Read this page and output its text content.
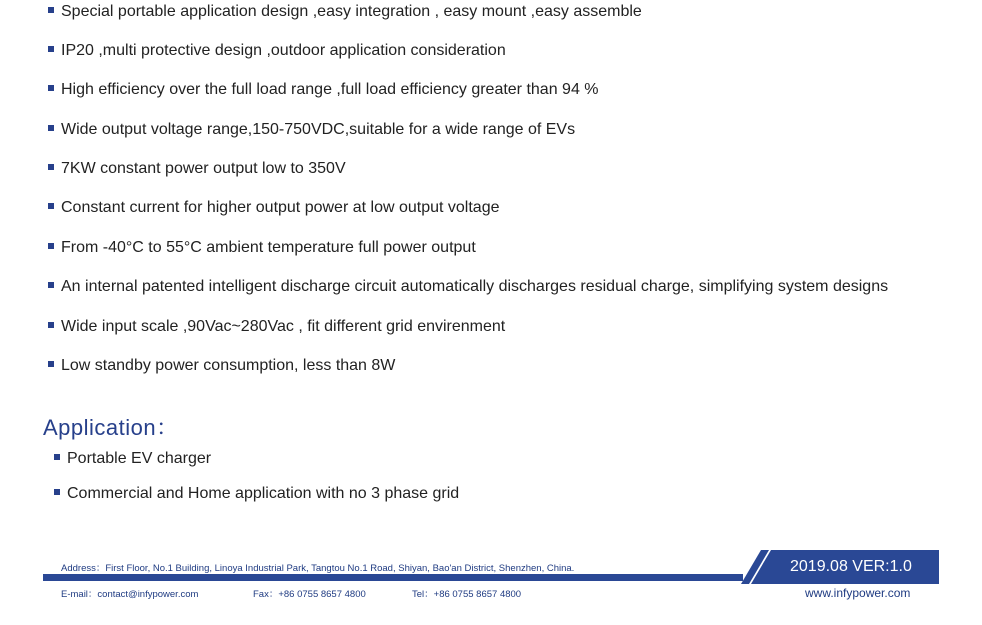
Special portable application design ,easy integration , easy mount ,easy assemble
IP20 ,multi protective design ,outdoor application consideration
High efficiency over the full load range ,full load efficiency greater than 94 %
Wide output voltage range,150-750VDC,suitable for a wide range of EVs
7KW constant power output low to 350V
Constant current for higher output power at low output voltage
From -40°C to 55°C ambient temperature full power output
An internal patented intelligent discharge circuit automatically discharges residual charge, simplifying system designs
Wide input scale ,90Vac~280Vac , fit different grid envirenment
Low standby power consumption, less than 8W
Application：
Portable EV charger
Commercial and Home application with no 3 phase grid
Address：First Floor, No.1 Building, Linoya Industrial Park, Tangtou No.1 Road, Shiyan, Bao'an District, Shenzhen, China.	2019.08 VER:1.0
E-mail：contact@infypower.com	Fax：+86 0755 8657 4800	Tel：+86 0755 8657 4800	www.infypower.com
